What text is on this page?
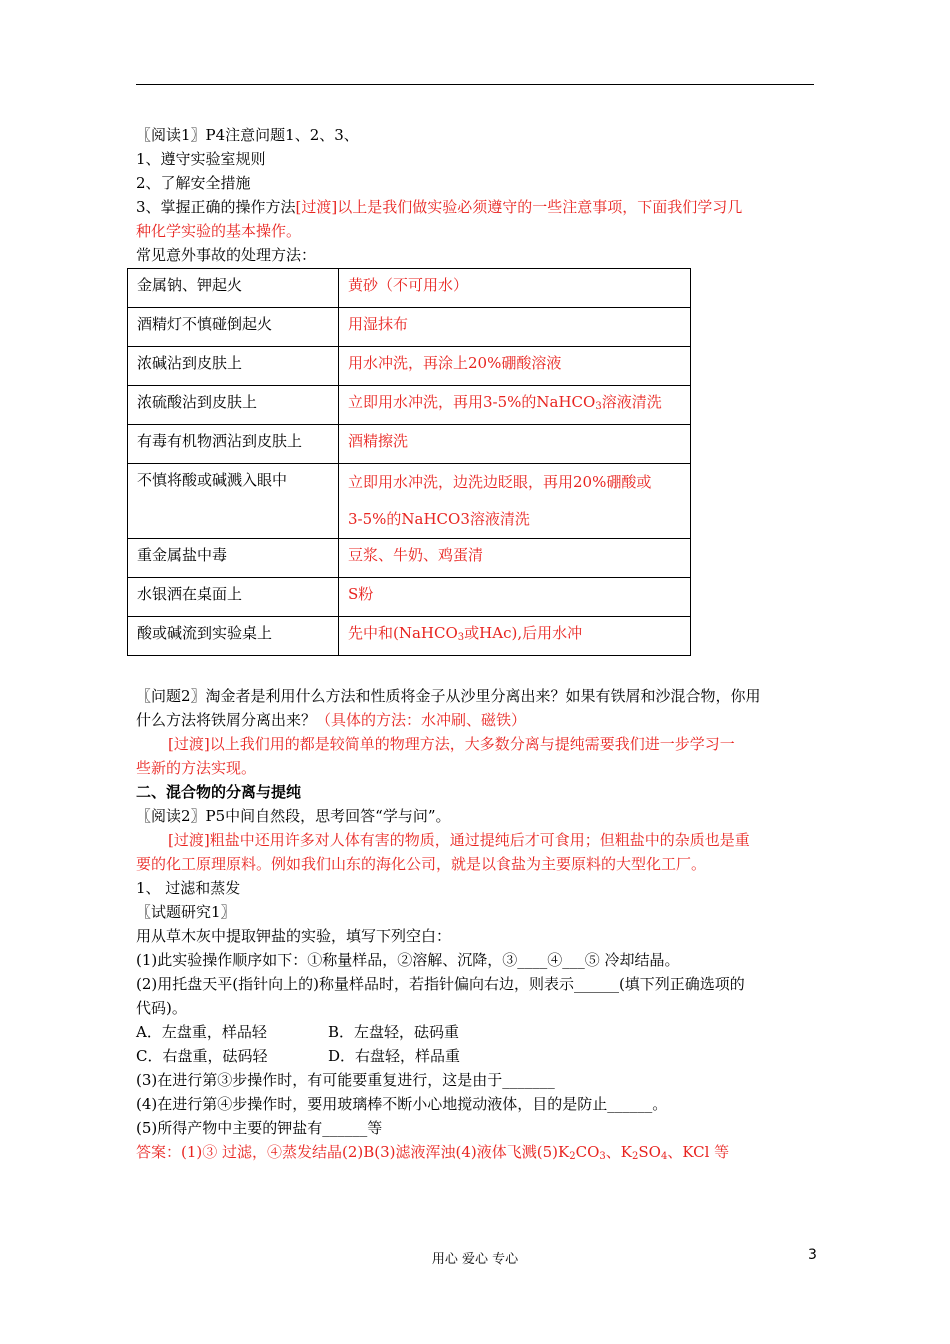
〖阅读1〗P4注意问题1、2、3、
1、遵守实验室规则
2、了解安全措施
3、掌握正确的操作方法[过渡]以上是我们做实验必须遵守的一些注意事项，下面我们学习几
种化学实验的基本操作。
常见意外事故的处理方法：
金属钠、钾起火	黄砂（不可用水）
酒精灯不慎碰倒起火	用湿抹布
浓碱沾到皮肤上	用水冲洗，再涂上20%硼酸溶液
浓硫酸沾到皮肤上	立即用水冲洗，再用3-5%的NaHCO$_3$溶液清洗
有毒有机物洒沾到皮肤上	酒精擦洗
不慎将酸或碱溅入眼中	立即用水冲洗，边洗边眨眼，再用20%硼酸或
3-5%的NaHCO3溶液清洗

重金属盐中毒	豆浆、牛奶、鸡蛋清
水银洒在桌面上	S粉
酸或碱流到实验桌上	先中和(NaHCO$_3$或HAc),后用水冲
〖问题2〗淘金者是利用什么方法和性质将金子从沙里分离出来？如果有铁屑和沙混合物，你用
什么方法将铁屑分离出来？（具体的方法：水冲刷、磁铁）
[过渡]以上我们用的都是较简单的物理方法，大多数分离与提纯需要我们进一步学习一
些新的方法实现。
二、混合物的分离与提纯
〖阅读2〗P5中间自然段，思考回答“学与问”。
[过渡]粗盐中还用许多对人体有害的物质，通过提纯后才可食用；但粗盐中的杂质也是重
要的化工原理原料。例如我们山东的海化公司，就是以食盐为主要原料的大型化工厂。
1、 过滤和蒸发
〖试题研究1〗
用从草木灰中提取钾盐的实验，填写下列空白：
(1)此实验操作顺序如下：①称量样品，②溶解、沉降，③____④___⑤ 冷却结晶。
(2)用托盘天平(指针向上的)称量样品时，若指针偏向右边，则表示______(填下列正确选项的
代码)。
A．左盘重，样品轻	B．左盘轻，砝码重
C．右盘重，砝码轻	D．右盘轻，样品重
(3)在进行第③步操作时，有可能要重复进行，这是由于_______
(4)在进行第④步操作时，要用玻璃棒不断小心地搅动液体，目的是防止______。
(5)所得产物中主要的钾盐有______等
答案：(1)③ 过滤，④蒸发结晶(2)B(3)滤液浑浊(4)液体飞溅$(5)K_2CO_3$、$K_2SO_4$、KCl 等
用心 爱心 专心	3
